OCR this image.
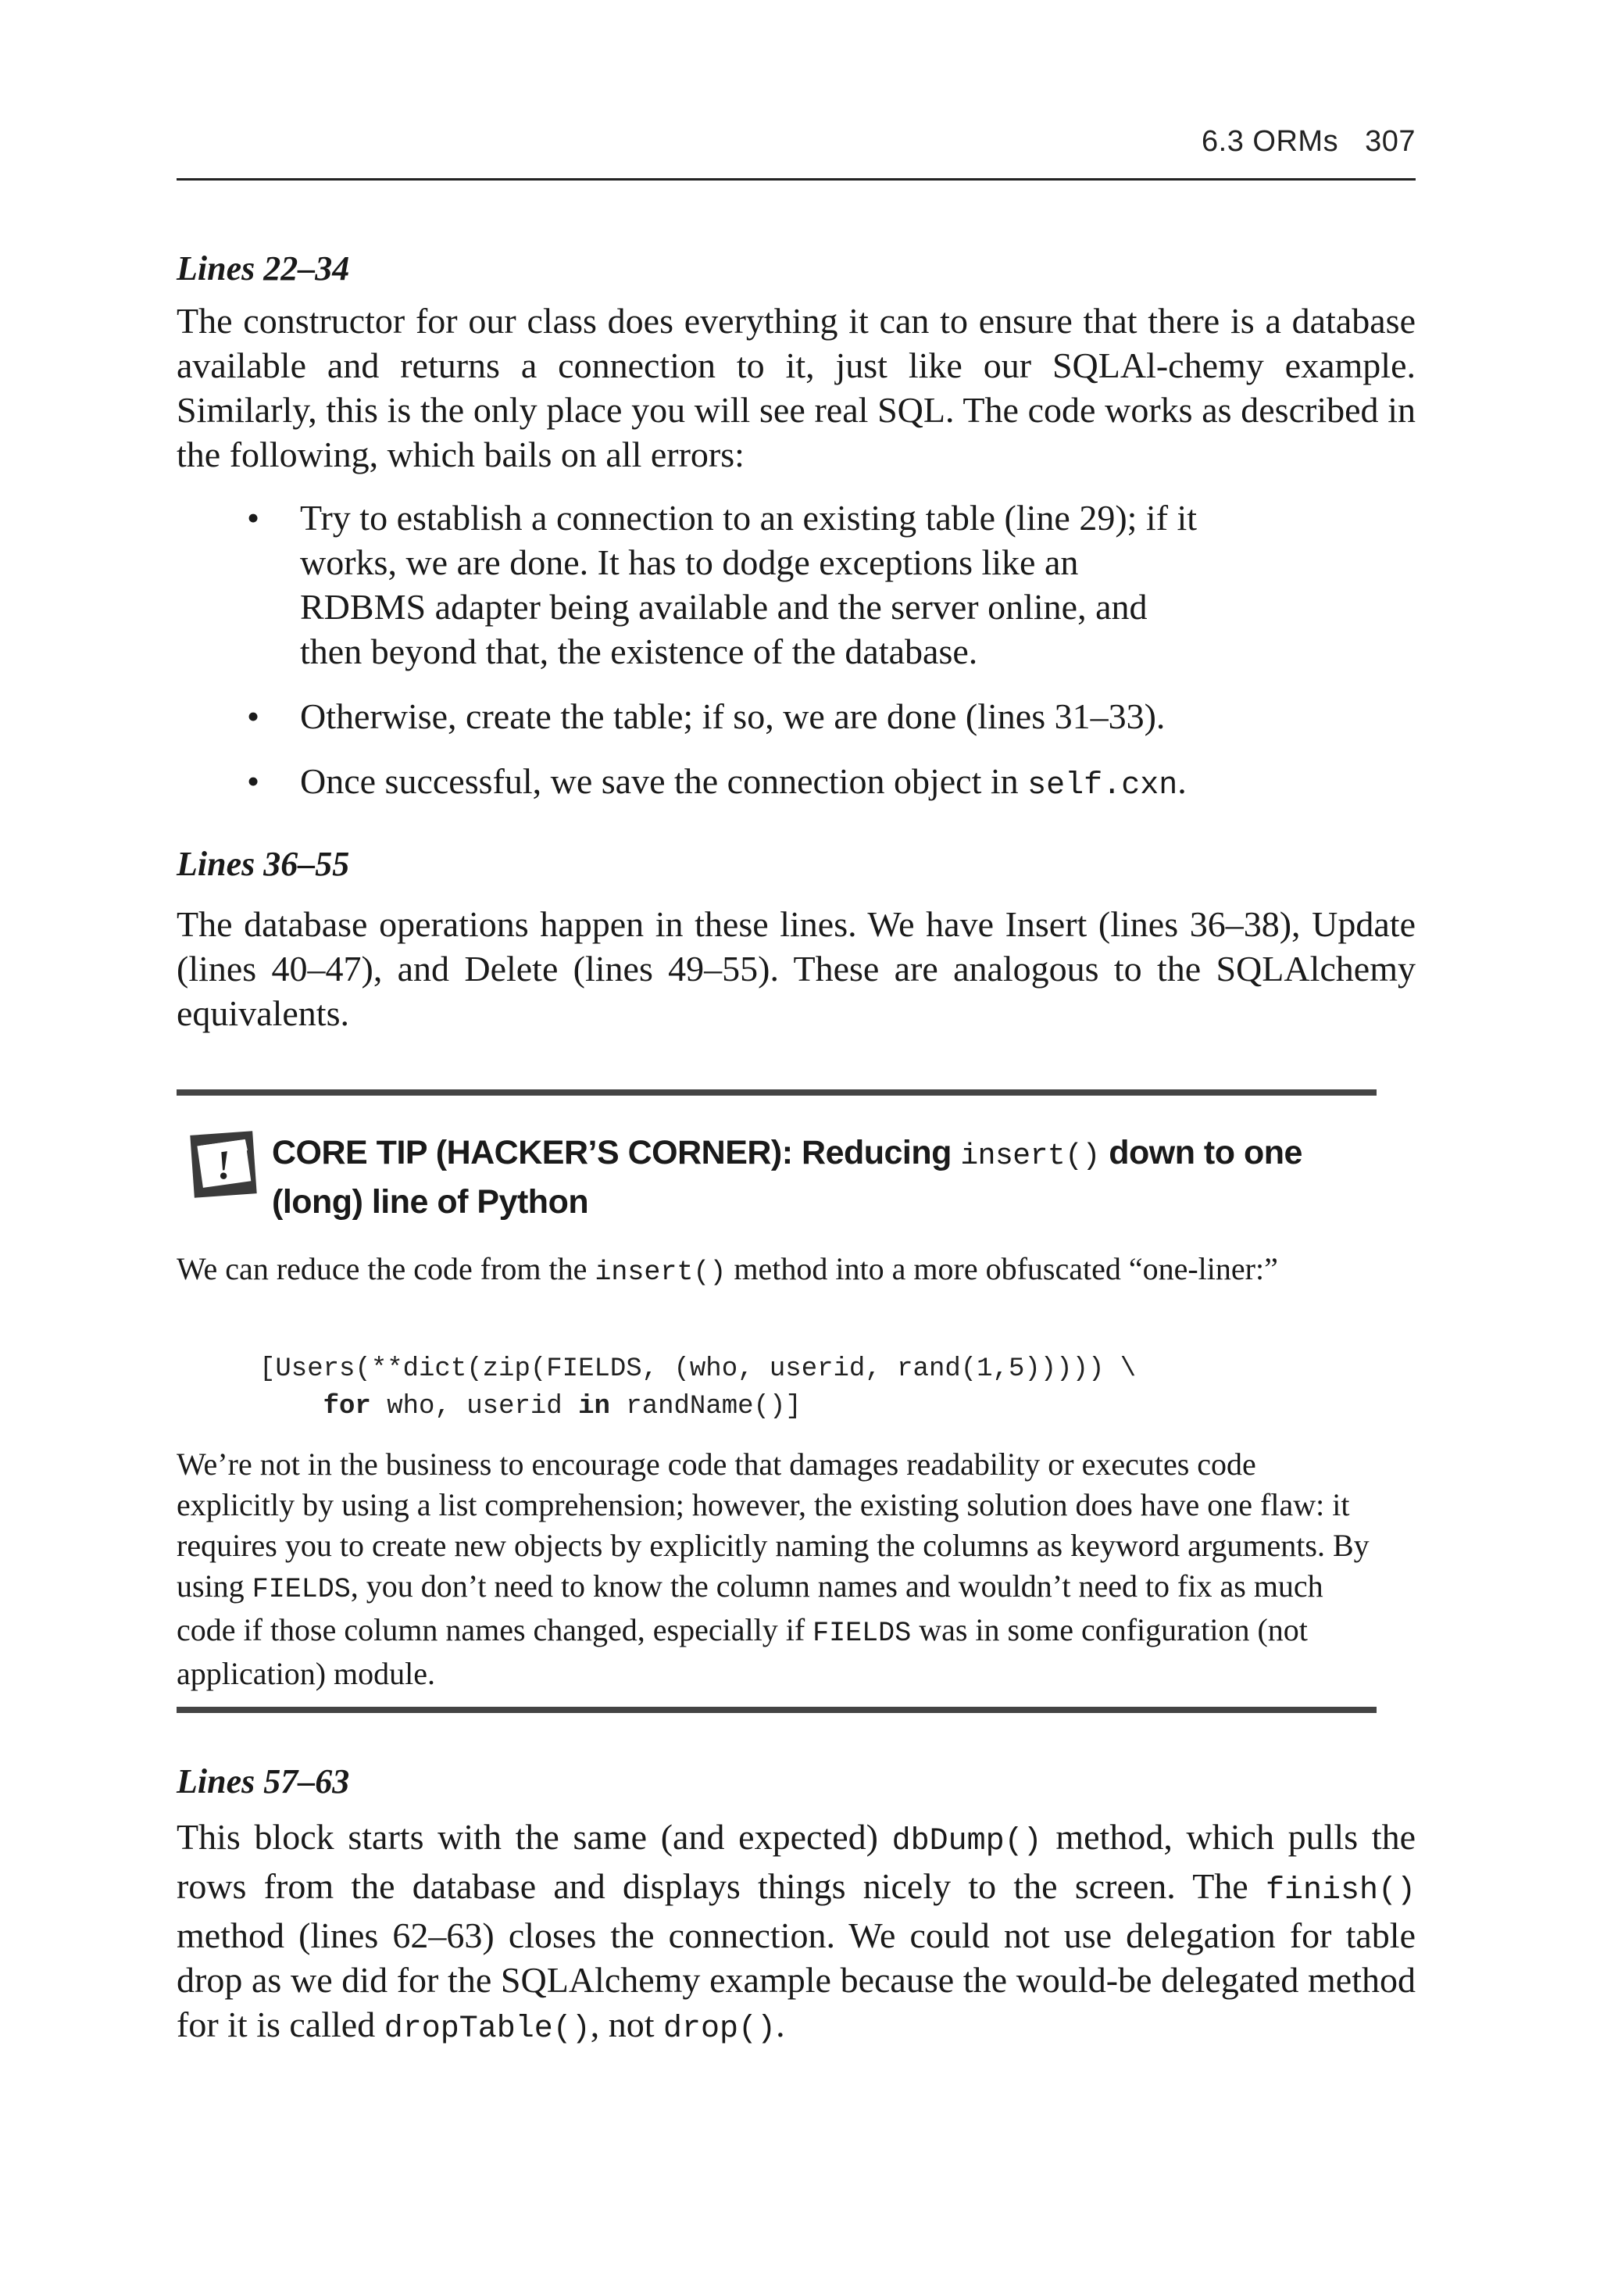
6.3 ORMs 307
Lines 22–34

The constructor for our class does everything it can to ensure that there is a database available and returns a connection to it, just like our SQLAl-chemy example. Similarly, this is the only place you will see real SQL. The code works as described in the following, which bails on all errors:

• Try to establish a connection to an existing table (line 29); if it works, we are done. It has to dodge exceptions like an RDBMS adapter being available and the server online, and then beyond that, the existence of the database.
• Otherwise, create the table; if so, we are done (lines 31–33).
• Once successful, we save the connection object in self.cxn.
Lines 36–55

The database operations happen in these lines. We have Insert (lines 36–38), Update (lines 40–47), and Delete (lines 49–55). These are analogous to the SQLAlchemy equivalents.

! CORE TIP (HACKER’S CORNER): Reducing insert() down to one (long) line of Python

We can reduce the code from the insert() method into a more obfuscated “one-liner:”

[Users(**dict(zip(FIELDS, (who, userid, rand(1,5))))) \
for who, userid in randName()]

We’re not in the business to encourage code that damages readability or executes code explicitly by using a list comprehension; however, the existing solution does have one flaw: it requires you to create new objects by explicitly naming the columns as keyword arguments. By using FIELDS, you don’t need to know the column names and wouldn’t need to fix as much code if those column names changed, especially if FIELDS was in some configuration (not application) module.

Lines 57–63

This block starts with the same (and expected) dbDump() method, which pulls the rows from the database and displays things nicely to the screen. The finish() method (lines 62–63) closes the connection. We could not use delegation for table drop as we did for the SQLAlchemy example because the would-be delegated method for it is called dropTable(), not drop().
